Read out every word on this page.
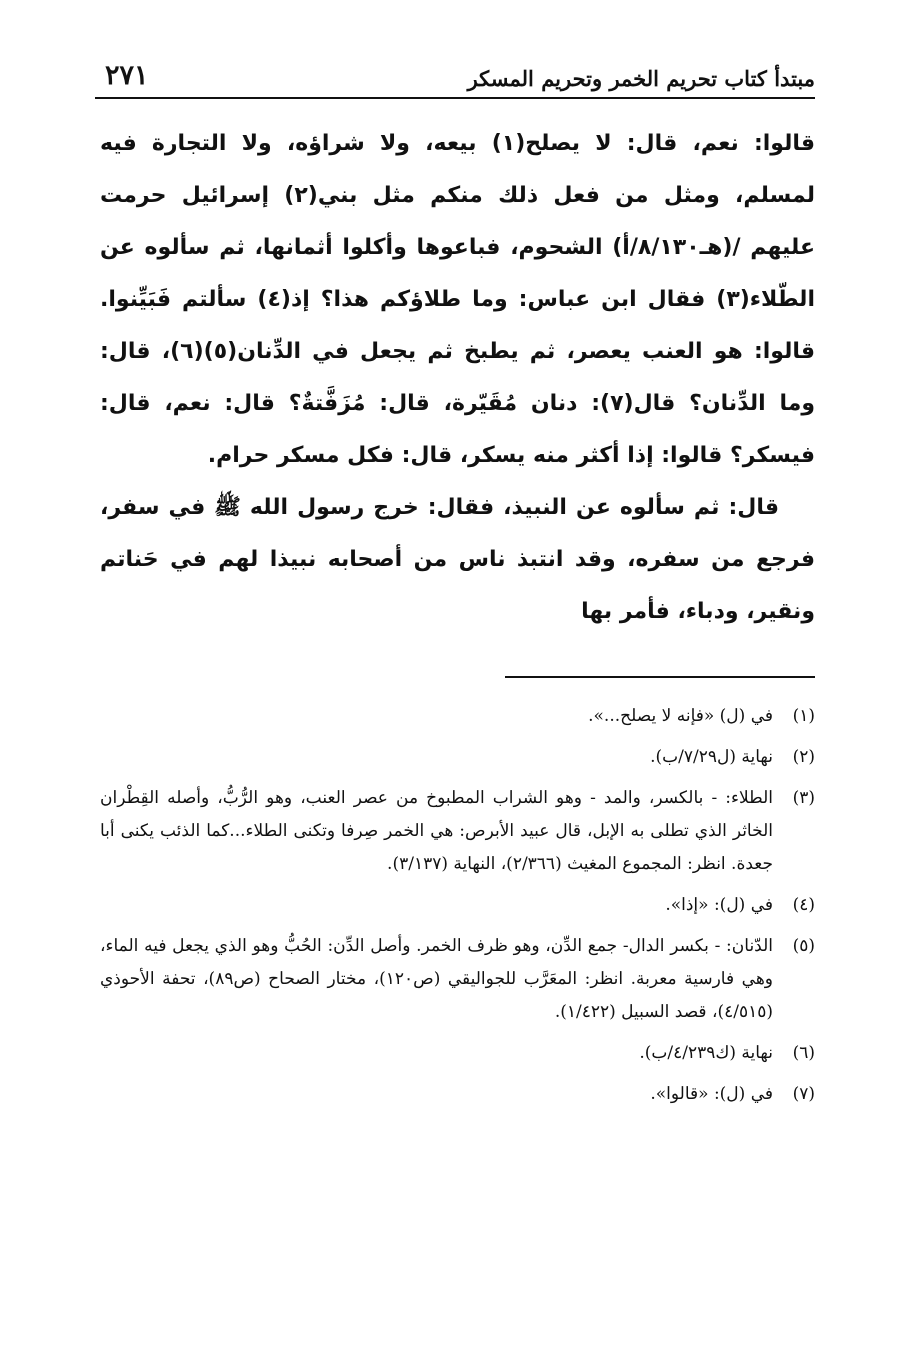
مبتدأ كتاب تحريم الخمر وتحريم المسكر
٢٧١

قالوا: نعم، قال: لا يصلح(١) بيعه، ولا شراؤه، ولا التجارة فيه لمسلم، ومثل من فعل ذلك منكم مثل بني(٢) إسرائيل حرمت عليهم /(هـ٨/١٣٠/أ) الشحوم، فباعوها وأكلوا أثمانها، ثم سألوه عن الطّلاء(٣) فقال ابن عباس: وما طلاؤكم هذا؟ إذ(٤) سألتم فَبَيِّنوا. قالوا: هو العنب يعصر، ثم يطبخ ثم يجعل في الدِّنان(٥)(٦)، قال: وما الدِّنان؟ قال(٧): دنان مُقَيّرة، قال: مُزَفَّتةٌ؟ قال: نعم، قال: فيسكر؟ قالوا: إذا أكثر منه يسكر، قال: فكل مسكر حرام.

قال: ثم سألوه عن النبيذ، فقال: خرج رسول الله ﷺ في سفر، فرجع من سفره، وقد انتبذ ناس من أصحابه نبيذا لهم في حَناتم ونقير، ودباء، فأمر بها

(١)
في (ل) «فإنه لا يصلح...».
(٢)
نهاية (ل٧/٢٩/ب).
(٣)
الطلاء: - بالكسر، والمد - وهو الشراب المطبوخ من عصر العنب، وهو الرُّبُّ، وأصله القِطْران الخاثر الذي تطلى به الإبل، قال عبيد الأبرص: هي الخمر صِرفا وتكنى الطلاء...كما الذئب يكنى أبا جعدة. انظر: المجموع المغيث (٢/٣٦٦)، النهاية (٣/١٣٧).
(٤)
في (ل): «إذا».
(٥)
الدّنان: - بكسر الدال- جمع الدِّن، وهو ظرف الخمر. وأصل الدِّن: الحُبُّ وهو الذي يجعل فيه الماء، وهي فارسية معربة. انظر: المعَرَّب للجواليقي (ص١٢٠)، مختار الصحاح (ص٨٩)، تحفة الأحوذي (٤/٥١٥)، قصد السبيل (١/٤٢٢).
(٦)
نهاية (ك٤/٢٣٩/ب).
(٧)
في (ل): «قالوا».
